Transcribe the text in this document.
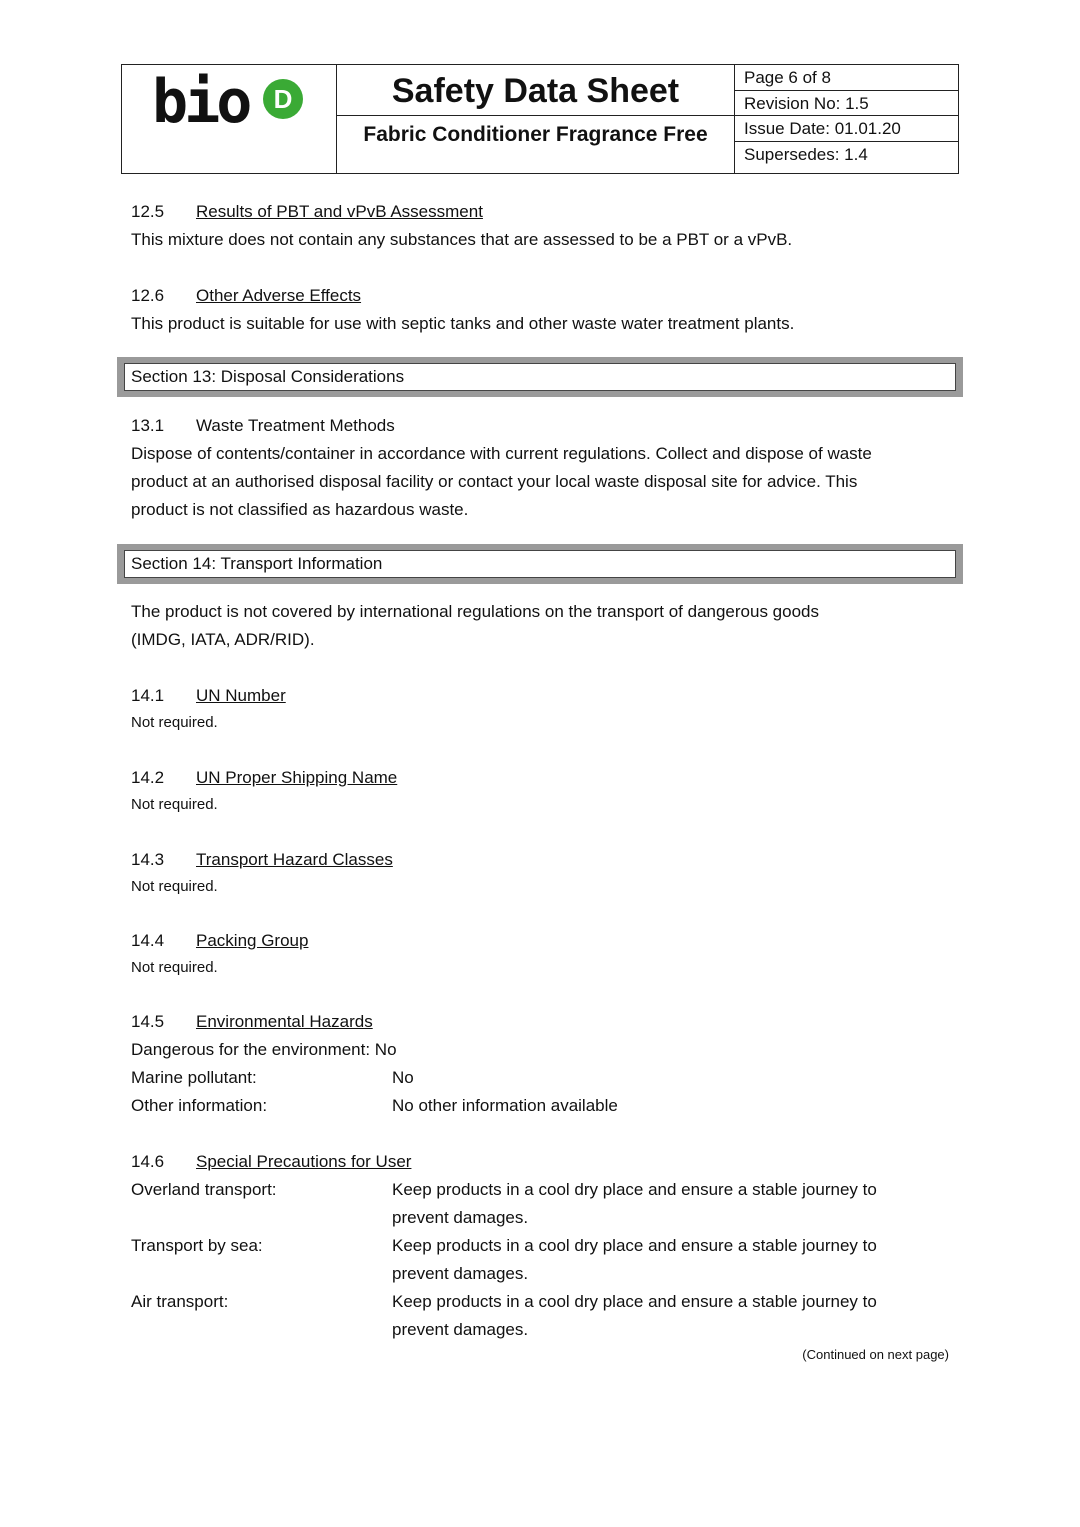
bio D	Safety Data Sheet
Fabric Conditioner Fragrance Free
Page 6 of 8
Revision No: 1.5
Issue Date: 01.01.20
Supersedes: 1.4
12.5 Results of PBT and vPvB Assessment
This mixture does not contain any substances that are assessed to be a PBT or a vPvB.
12.6 Other Adverse Effects
This product is suitable for use with septic tanks and other waste water treatment plants.
Section 13: Disposal Considerations
13.1 Waste Treatment Methods
Dispose of contents/container in accordance with current regulations. Collect and dispose of waste
product at an authorised disposal facility or contact your local waste disposal site for advice. This
product is not classified as hazardous waste.
Section 14: Transport Information
The product is not covered by international regulations on the transport of dangerous goods
(IMDG, IATA, ADR/RID).
14.1 UN Number
Not required.
14.2 UN Proper Shipping Name
Not required.
14.3 Transport Hazard Classes
Not required.
14.4 Packing Group
Not required.
14.5 Environmental Hazards
Dangerous for the environment: No
Marine pollutant:	No
Other information:	No other information available
14.6 Special Precautions for User
Overland transport:	Keep products in a cool dry place and ensure a stable journey to
prevent damages.
Transport by sea:	Keep products in a cool dry place and ensure a stable journey to
prevent damages.
Air transport:	Keep products in a cool dry place and ensure a stable journey to
prevent damages.
(Continued on next page)
